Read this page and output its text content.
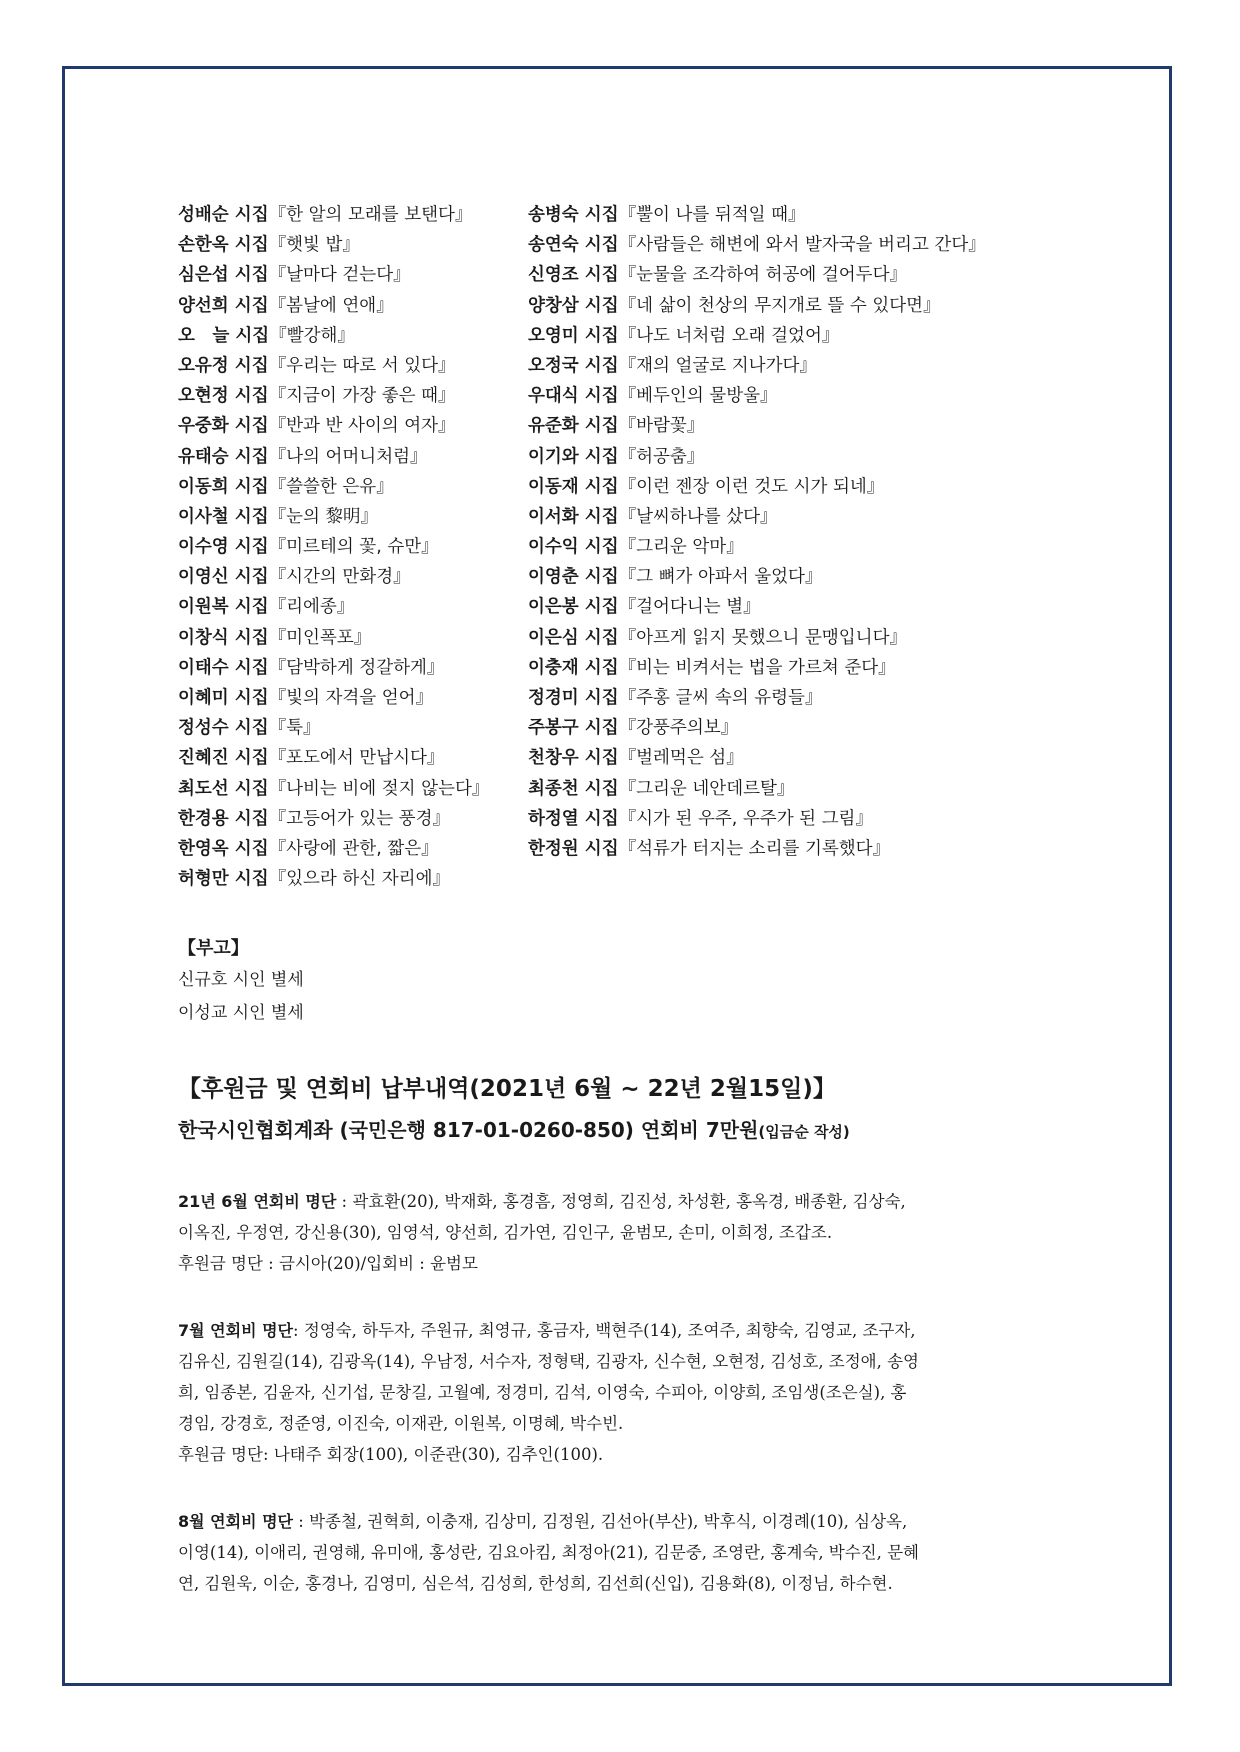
성배순 시집『한 알의 모래를 보탠다』	송병숙 시집『뿔이 나를 뒤적일 때』
손한옥 시집『햇빛 밥』	송연숙 시집『사람들은 해변에 와서 발자국을 버리고 간다』
심은섭 시집『날마다 걷는다』	신영조 시집『눈물을 조각하여 허공에 걸어두다』
양선희 시집『봄날에 연애』	양창삼 시집『네 삶이 천상의 무지개로 뜰 수 있다면』
오　늘 시집『빨강해』	오영미 시집『나도 너처럼 오래 걸었어』
오유정 시집『우리는 따로 서 있다』	오정국 시집『재의 얼굴로 지나가다』
오현정 시집『지금이 가장 좋은 때』	우대식 시집『베두인의 물방울』
우중화 시집『반과 반 사이의 여자』	유준화 시집『바람꽃』
유태승 시집『나의 어머니처럼』	이기와 시집『허공춤』
이동희 시집『쓸쓸한 은유』	이동재 시집『이런 젠장 이런 것도 시가 되네』
이사철 시집『눈의 黎明』	이서화 시집『날씨하나를 샀다』
이수영 시집『미르테의 꽃, 슈만』	이수익 시집『그리운 악마』
이영신 시집『시간의 만화경』	이영춘 시집『그 뼈가 아파서 울었다』
이원복 시집『리에종』	이은봉 시집『걸어다니는 별』
이창식 시집『미인폭포』	이은심 시집『아프게 읽지 못했으니 문맹입니다』
이태수 시집『담박하게 정갈하게』	이충재 시집『비는 비켜서는 법을 가르쳐 준다』
이혜미 시집『빛의 자격을 얻어』	정경미 시집『주홍 글씨 속의 유령들』
정성수 시집『툭』	주봉구 시집『강풍주의보』
진혜진 시집『포도에서 만납시다』	천창우 시집『벌레먹은 섬』
최도선 시집『나비는 비에 젖지 않는다』 최종천 시집『그리운 네안데르탈』
한경용 시집『고등어가 있는 풍경』	하정열 시집『시가 된 우주, 우주가 된 그림』
한영옥 시집『사랑에 관한, 짧은』	한정원 시집『석류가 터지는 소리를 기록했다』
허형만 시집『있으라 하신 자리에』
【부고】
신규호 시인 별세
이성교 시인 별세
【후원금 및 연회비 납부내역(2021년 6월 ~ 22년 2월15일)】
한국시인협회계좌 (국민은행 817-01-0260-850) 연회비 7만원(입금순 작성)
21년 6월 연회비 명단 : 곽효환(20), 박재화, 홍경흠, 정영희, 김진성, 차성환, 홍옥경, 배종환, 김상숙,
이옥진, 우정연, 강신용(30), 임영석, 양선희, 김가연, 김인구, 윤범모, 손미, 이희정, 조갑조.
후원금 명단 : 금시아(20)/입회비 : 윤범모
7월 연회비 명단: 정영숙, 하두자, 주원규, 최영규, 홍금자, 백현주(14), 조여주, 최향숙, 김영교, 조구자,
김유신, 김원길(14), 김광옥(14), 우남정, 서수자, 정형택, 김광자, 신수현, 오현정, 김성호, 조정애, 송영
희, 임종본, 김윤자, 신기섭, 문창길, 고월예, 정경미, 김석, 이영숙, 수피아, 이양희, 조임생(조은실), 홍
경임, 강경호, 정준영, 이진숙, 이재관, 이원복, 이명혜, 박수빈.
후원금 명단: 나태주 회장(100), 이준관(30), 김추인(100).
8월 연회비 명단 : 박종철, 권혁희, 이충재, 김상미, 김정원, 김선아(부산), 박후식, 이경례(10), 심상옥,
이영(14), 이애리, 권영해, 유미애, 홍성란, 김요아킴, 최정아(21), 김문중, 조영란, 홍계숙, 박수진, 문혜
연, 김원욱, 이순, 홍경나, 김영미, 심은석, 김성희, 한성희, 김선희(신입), 김용화(8), 이정님, 하수현.
